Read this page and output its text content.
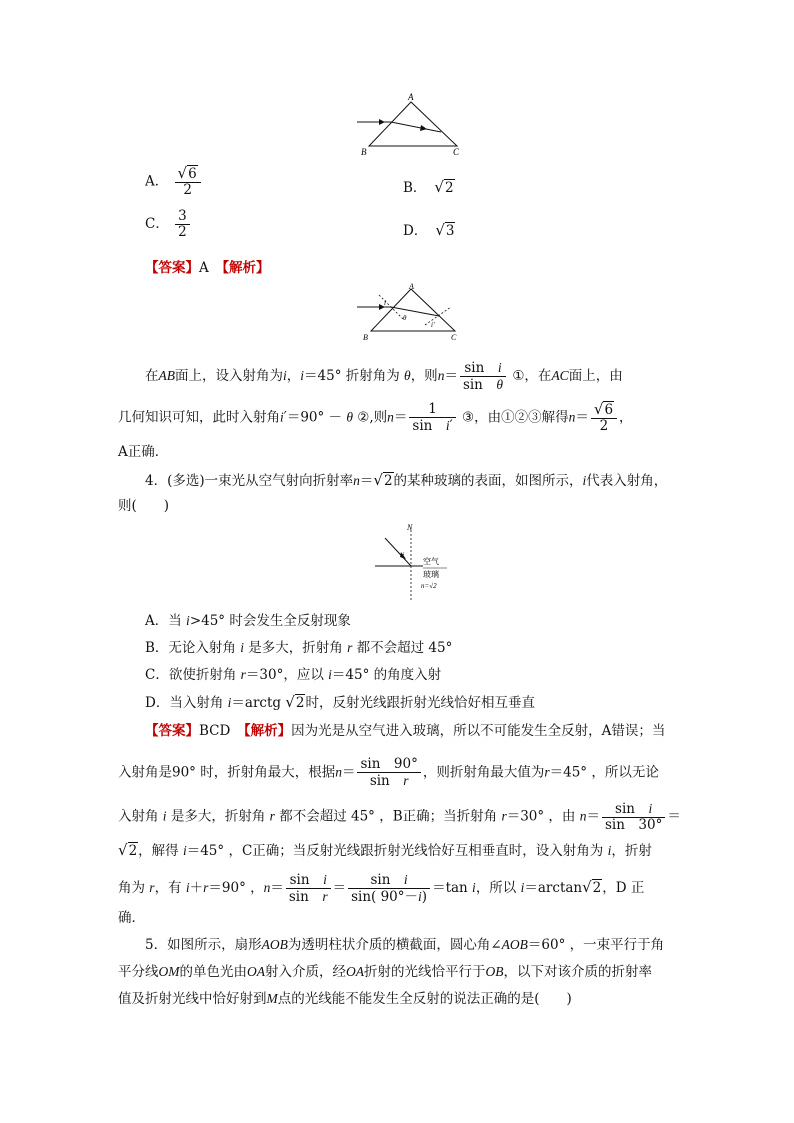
A
B	C
A． $\frac{√6}{2}$	B． √2
C． $\frac{3}{2}$	D． √3
【答案】A　 【解析】
A
B	C
i
θ
i'
在AB面上，设入射角为i，i＝45° 折射角为 θ，则$n= \frac{\text{sin　i}}{\text{sin　θ}}$ ①，在AC面上，由
几何知识可知，此时入射角i′＝90° － θ ②,则$n= \frac{1}{\text{sin　i′}}$ ③，由①②③解得$n= \frac{√6}{2}$ ，
A正确．
4．(多选)一束光从空气射向折射率n＝√2的某种玻璃的表面，如图所示，i代表入射角，
则(　　)
N
i
空气
玻璃
n=√2
A．当 i>45° 时会发生全反射现象
B．无论入射角 i 是多大，折射角 r 都不会超过 45°
C．欲使折射角 r＝30°，应以 i＝45° 的角度入射
D．当入射角 i＝arctg √2时，反射光线跟折射光线恰好相互垂直
【答案】BCD　 【解析】因为光是从空气进入玻璃，所以不可能发生全反射，A错误；当
入射角是90° 时，折射角最大，根据$n= \frac{\sin 90^\circ}{\text{sin　r}}$ ，则折射角最大值为r＝45° ，所以无论
入射角 i 是多大，折射角 r 都不会超过 45° ，B正确；当折射角 r＝30° ，由 $n= \frac{\text{sin　i}}{\sin 30^\circ}$ ＝
√2，解得 i＝45° ，C正确；当反射光线跟折射光线恰好互相垂直时，设入射角为 i，折射
角为 r，有 i＋r＝90° ，$n= \frac{\text{sin　i}}{\text{sin　r}} = \frac{\text{sin　i}}{\sin( 90^\circ-i)} =\tan$ i，所以 i＝arctan√2，D 正
确．
5．如图所示，扇形AOB为透明柱状介质的横截面，圆心角∠AOB＝60° ，一束平行于角
平分线OM的单色光由OA射入介质，经OA折射的光线恰平行于OB，以下对该介质的折射率
值及折射光线中恰好射到M点的光线能不能发生全反射的说法正确的是(　　)
